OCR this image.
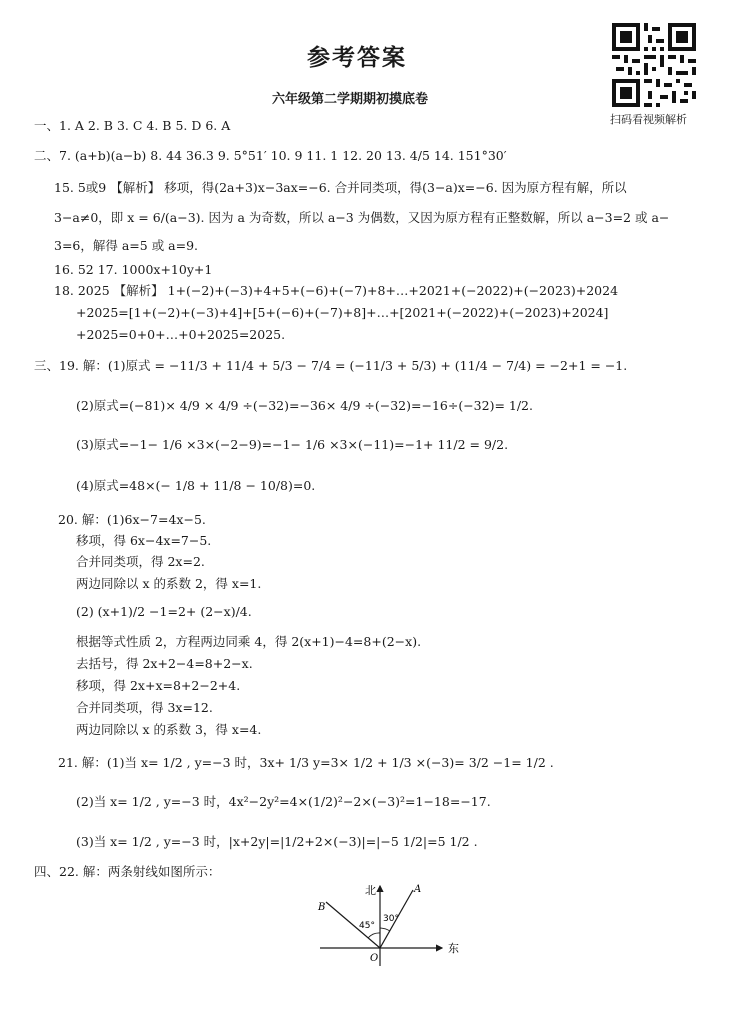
参考答案
六年级第二学期期初摸底卷
扫码看视频解析
一、1. A 2. B 3. C 4. B 5. D 6. A
二、7. (a+b)(a−b) 8. 44 36.3 9. 5°51′ 10. 9 11. 1 12. 20 13. 4/5 14. 151°30′
15. 5或9 【解析】 移项，得(2a+3)x−3ax=−6. 合并同类项，得(3−a)x=−6. 因为原方程有解，所以
3−a≠0，即 x = 6/(a−3). 因为 a 为奇数，所以 a−3 为偶数，又因为原方程有正整数解，所以 a−3=2 或 a−
3=6，解得 a=5 或 a=9.
16. 52 17. 1000x+10y+1
18. 2025 【解析】 1+(−2)+(−3)+4+5+(−6)+(−7)+8+…+2021+(−2022)+(−2023)+2024
+2025=[1+(−2)+(−3)+4]+[5+(−6)+(−7)+8]+…+[2021+(−2022)+(−2023)+2024]
+2025=0+0+…+0+2025=2025.
三、19. 解：(1)原式 = −11/3 + 11/4 + 5/3 − 7/4 = (−11/3 + 5/3) + (11/4 − 7/4) = −2+1 = −1.
(2)原式=(−81)× 4/9 × 4/9 ÷(−32)=−36× 4/9 ÷(−32)=−16÷(−32)= 1/2.
(3)原式=−1− 1/6 ×3×(−2−9)=−1− 1/6 ×3×(−11)=−1+ 11/2 = 9/2.
(4)原式=48×(− 1/8 + 11/8 − 10/8)=0.
20. 解：(1)6x−7=4x−5.
移项，得 6x−4x=7−5.
合并同类项，得 2x=2.
两边同除以 x 的系数 2，得 x=1.
(2) (x+1)/2 −1=2+ (2−x)/4.
根据等式性质 2，方程两边同乘 4，得 2(x+1)−4=8+(2−x).
去括号，得 2x+2−4=8+2−x.
移项，得 2x+x=8+2−2+4.
合并同类项，得 3x=12.
两边同除以 x 的系数 3，得 x=4.
21. 解：(1)当 x= 1/2 , y=−3 时，3x+ 1/3 y=3× 1/2 + 1/3 ×(−3)= 3/2 −1= 1/2 .
(2)当 x= 1/2 , y=−3 时，4x²−2y²=4×(1/2)²−2×(−3)²=1−18=−17.
(3)当 x= 1/2 , y=−3 时，|x+2y|=|1/2+2×(−3)|=|−5 1/2|=5 1/2 .
四、22. 解：两条射线如图所示：
北
东
O
A
B
30°
45°
